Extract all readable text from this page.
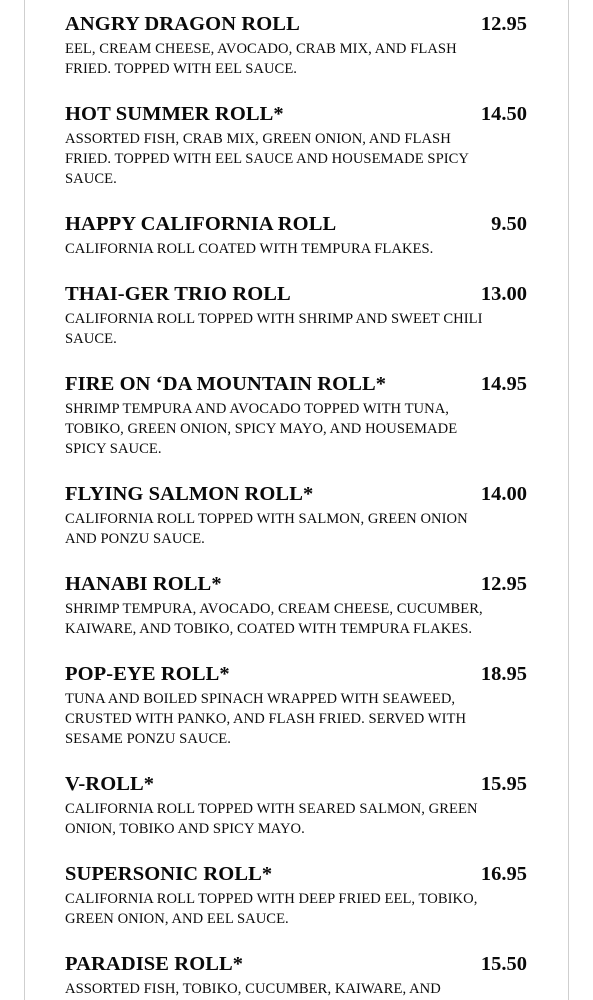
ANGRY DRAGON ROLL	12.95
EEL, CREAM CHEESE, AVOCADO, CRAB MIX, AND FLASH
FRIED. TOPPED WITH EEL SAUCE.
HOT SUMMER ROLL*	14.50
ASSORTED FISH, CRAB MIX, GREEN ONION, AND FLASH
FRIED. TOPPED WITH EEL SAUCE AND HOUSEMADE SPICY
SAUCE.
HAPPY CALIFORNIA ROLL	9.50
CALIFORNIA ROLL COATED WITH TEMPURA FLAKES.
THAI-GER TRIO ROLL	13.00
CALIFORNIA ROLL TOPPED WITH SHRIMP AND SWEET CHILI
SAUCE.
FIRE ON ‘DA MOUNTAIN ROLL*	14.95
SHRIMP TEMPURA AND AVOCADO TOPPED WITH TUNA,
TOBIKO, GREEN ONION, SPICY MAYO, AND HOUSEMADE
SPICY SAUCE.
FLYING SALMON ROLL*	14.00
CALIFORNIA ROLL TOPPED WITH SALMON, GREEN ONION
AND PONZU SAUCE.
HANABI ROLL*	12.95
SHRIMP TEMPURA, AVOCADO, CREAM CHEESE, CUCUMBER,
KAIWARE, AND TOBIKO, COATED WITH TEMPURA FLAKES.
POP-EYE ROLL*	18.95
TUNA AND BOILED SPINACH WRAPPED WITH SEAWEED,
CRUSTED WITH PANKO, AND FLASH FRIED. SERVED WITH
SESAME PONZU SAUCE.
V-ROLL*	15.95
CALIFORNIA ROLL TOPPED WITH SEARED SALMON, GREEN
ONION, TOBIKO AND SPICY MAYO.
SUPERSONIC ROLL*	16.95
CALIFORNIA ROLL TOPPED WITH DEEP FRIED EEL, TOBIKO,
GREEN ONION, AND EEL SAUCE.
PARADISE ROLL*	15.50
ASSORTED FISH, TOBIKO, CUCUMBER, KAIWARE, AND
